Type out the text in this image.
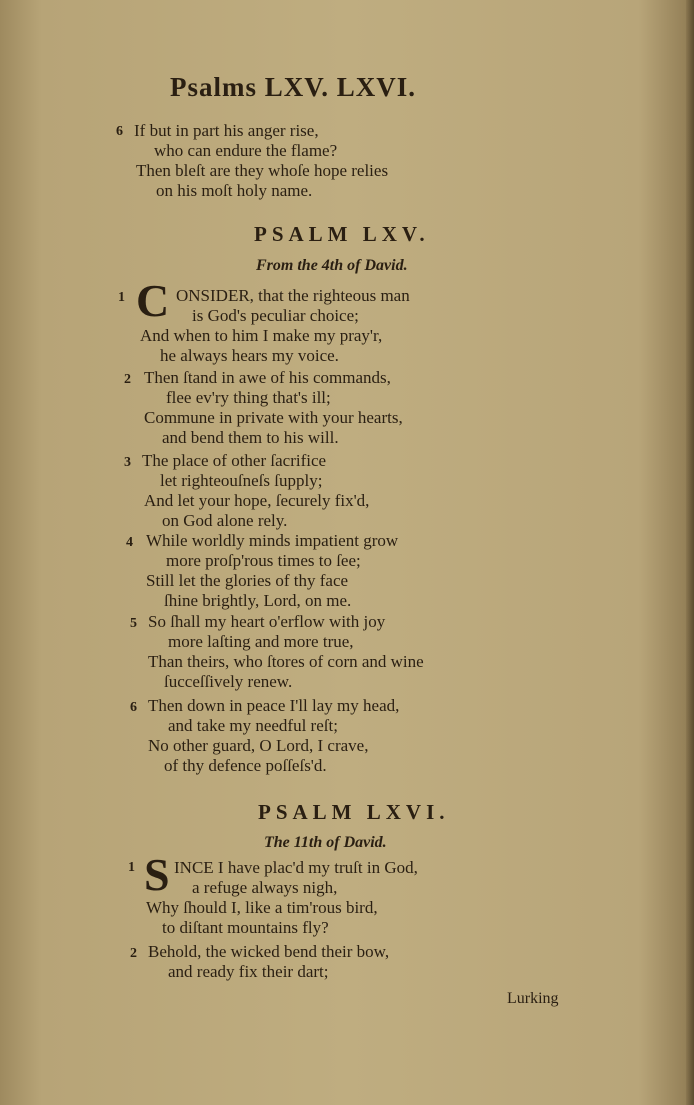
Psalms LXV. LXVI.
6 If but in part his anger rise,
who can endure the flame?
Then bleſt are they whoſe hope relies
on his moſt holy name.
PSALM LXV.
From the 4th of David.
1 C ONSIDER, that the righteous man
is God's peculiar choice;
And when to him I make my pray'r,
he always hears my voice.
2 Then ſtand in awe of his commands,
flee ev'ry thing that's ill;
Commune in private with your hearts,
and bend them to his will.
3 The place of other ſacrifice
let righteouſneſs ſupply;
And let your hope, ſecurely fix'd,
on God alone rely.
4 While worldly minds impatient grow
more proſp'rous times to ſee;
Still let the glories of thy face
ſhine brightly, Lord, on me.
5 So ſhall my heart o'erflow with joy
more laſting and more true,
Than theirs, who ſtores of corn and wine
ſucceſſively renew.
6 Then down in peace I'll lay my head,
and take my needful reſt;
No other guard, O Lord, I crave,
of thy defence poſſeſs'd.
PSALM LXVI.
The 11th of David.
1 S INCE I have plac'd my truſt in God,
a refuge always nigh,
Why ſhould I, like a tim'rous bird,
to diſtant mountains fly?
2 Behold, the wicked bend their bow,
and ready fix their dart;
Lurking
